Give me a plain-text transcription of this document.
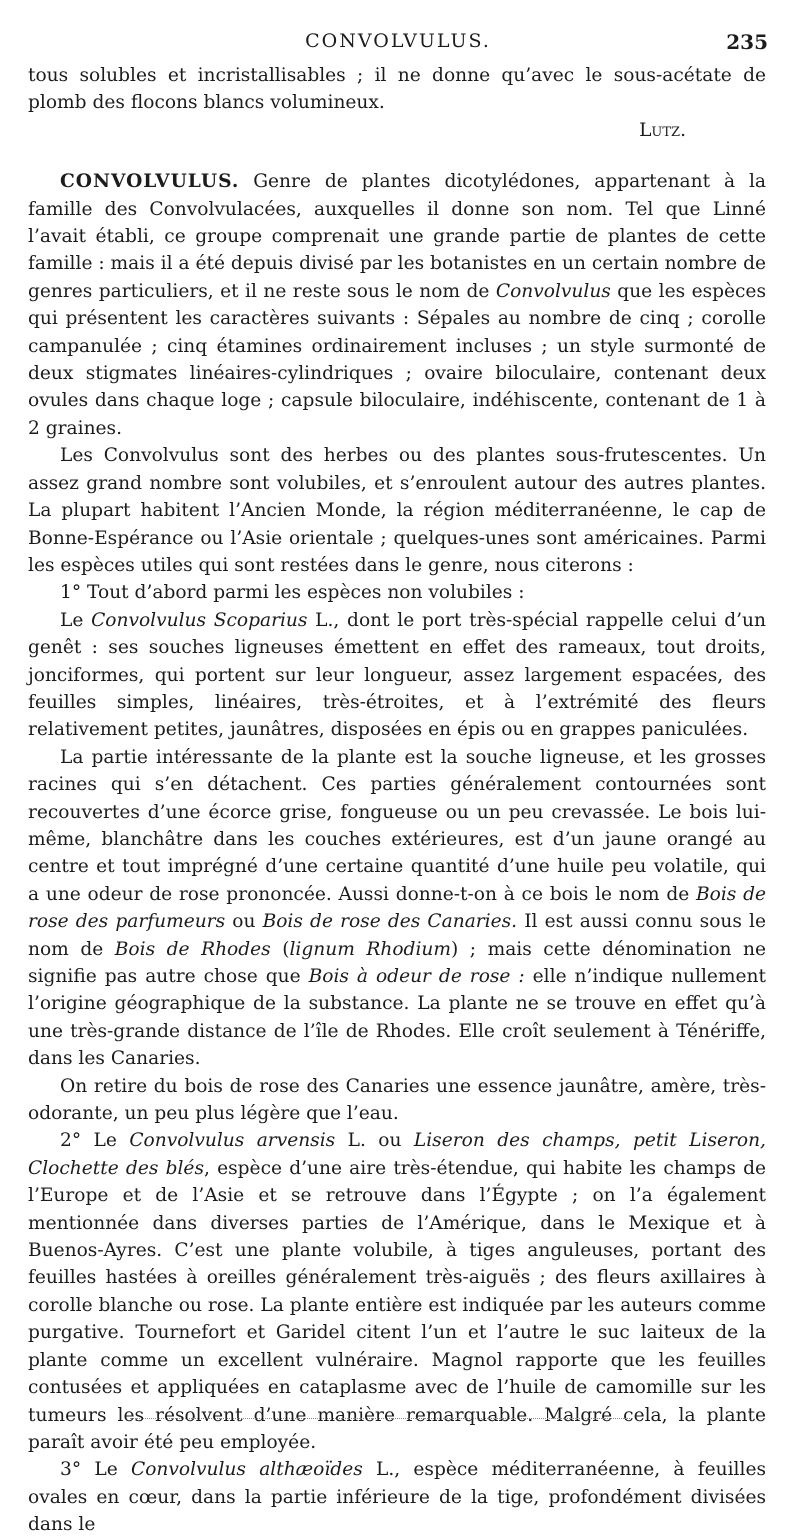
CONVOLVULUS.	235

tous solubles et incristallisables ; il ne donne qu’avec le sous-acétate de plomb des flocons blancs volumineux.

Lutz.

CONVOLVULUS. Genre de plantes dicotylédones, appartenant à la famille des Convolvulacées, auxquelles il donne son nom. Tel que Linné l’avait établi, ce groupe comprenait une grande partie de plantes de cette famille : mais il a été depuis divisé par les botanistes en un certain nombre de genres particuliers, et il ne reste sous le nom de Convolvulus que les espèces qui présentent les caractères suivants : Sépales au nombre de cinq ; corolle campanulée ; cinq étamines ordinairement incluses ; un style surmonté de deux stigmates linéaires-cylindriques ; ovaire biloculaire, contenant deux ovules dans chaque loge ; capsule biloculaire, indéhiscente, contenant de 1 à 2 graines.

Les Convolvulus sont des herbes ou des plantes sous-frutescentes. Un assez grand nombre sont volubiles, et s’enroulent autour des autres plantes. La plupart habitent l’Ancien Monde, la région méditerranéenne, le cap de Bonne-Espérance ou l’Asie orientale ; quelques-unes sont américaines. Parmi les espèces utiles qui sont restées dans le genre, nous citerons :

1° Tout d’abord parmi les espèces non volubiles :

Le Convolvulus Scoparius L., dont le port très-spécial rappelle celui d’un genêt : ses souches ligneuses émettent en effet des rameaux, tout droits, jonciformes, qui portent sur leur longueur, assez largement espacées, des feuilles simples, linéaires, très-étroites, et à l’extrémité des fleurs relativement petites, jaunâtres, disposées en épis ou en grappes paniculées.

La partie intéressante de la plante est la souche ligneuse, et les grosses racines qui s’en détachent. Ces parties généralement contournées sont recouvertes d’une écorce grise, fongueuse ou un peu crevassée. Le bois lui-même, blanchâtre dans les couches extérieures, est d’un jaune orangé au centre et tout imprégné d’une certaine quantité d’une huile peu volatile, qui a une odeur de rose prononcée. Aussi donne-t-on à ce bois le nom de Bois de rose des parfumeurs ou Bois de rose des Canaries. Il est aussi connu sous le nom de Bois de Rhodes (lignum Rhodium) ; mais cette dénomination ne signifie pas autre chose que Bois à odeur de rose : elle n’indique nullement l’origine géographique de la substance. La plante ne se trouve en effet qu’à une très-grande distance de l’île de Rhodes. Elle croît seulement à Ténériffe, dans les Canaries.

On retire du bois de rose des Canaries une essence jaunâtre, amère, très-odorante, un peu plus légère que l’eau.

2° Le Convolvulus arvensis L. ou Liseron des champs, petit Liseron, Clochette des blés, espèce d’une aire très-étendue, qui habite les champs de l’Europe et de l’Asie et se retrouve dans l’Égypte ; on l’a également mentionnée dans diverses parties de l’Amérique, dans le Mexique et à Buenos-Ayres. C’est une plante volubile, à tiges anguleuses, portant des feuilles hastées à oreilles généralement très-aiguës ; des fleurs axillaires à corolle blanche ou rose. La plante entière est indiquée par les auteurs comme purgative. Tournefort et Garidel citent l’un et l’autre le suc laiteux de la plante comme un excellent vulnéraire. Magnol rapporte que les feuilles contusées et appliquées en cataplasme avec de l’huile de camomille sur les tumeurs les résolvent d’une manière remarquable. Malgré cela, la plante paraît avoir été peu employée.

3° Le Convolvulus althæoïdes L., espèce méditerranéenne, à feuilles ovales en cœur, dans la partie inférieure de la tige, profondément divisées dans le
